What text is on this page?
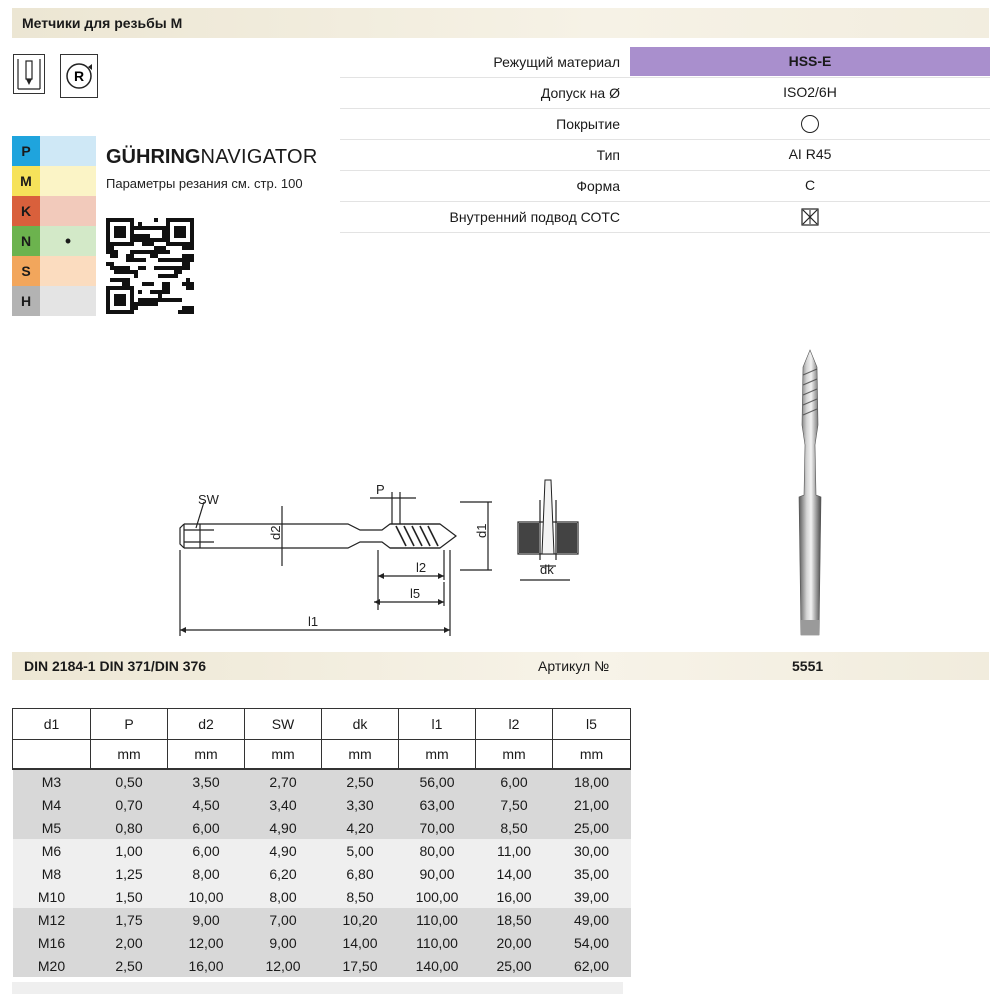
Метчики для резьбы М
R
Режущий материал	HSS-E
Допуск на Ø	ISO2/6H
Покрытие
Тип	AI R45
Форма	C
Внутренний подвод СОТС
P
M
K
N	•
S
H
GÜHRINGNAVIGATOR
Параметры резания см. стр. 100
SW
P
d2	d1
l1
l2
l5
dk
DIN 2184-1 DIN 371/DIN 376	Артикул №	5551
d1	P	d2	SW	dk	l1	l2	l5
	mm	mm	mm	mm	mm	mm	mm
M3	0,50	3,50	2,70	2,50	56,00	6,00	18,00
M4	0,70	4,50	3,40	3,30	63,00	7,50	21,00
M5	0,80	6,00	4,90	4,20	70,00	8,50	25,00
M6	1,00	6,00	4,90	5,00	80,00	11,00	30,00
M8	1,25	8,00	6,20	6,80	90,00	14,00	35,00
M10	1,50	10,00	8,00	8,50	100,00	16,00	39,00
M12	1,75	9,00	7,00	10,20	110,00	18,50	49,00
M16	2,00	12,00	9,00	14,00	110,00	20,00	54,00
M20	2,50	16,00	12,00	17,50	140,00	25,00	62,00
